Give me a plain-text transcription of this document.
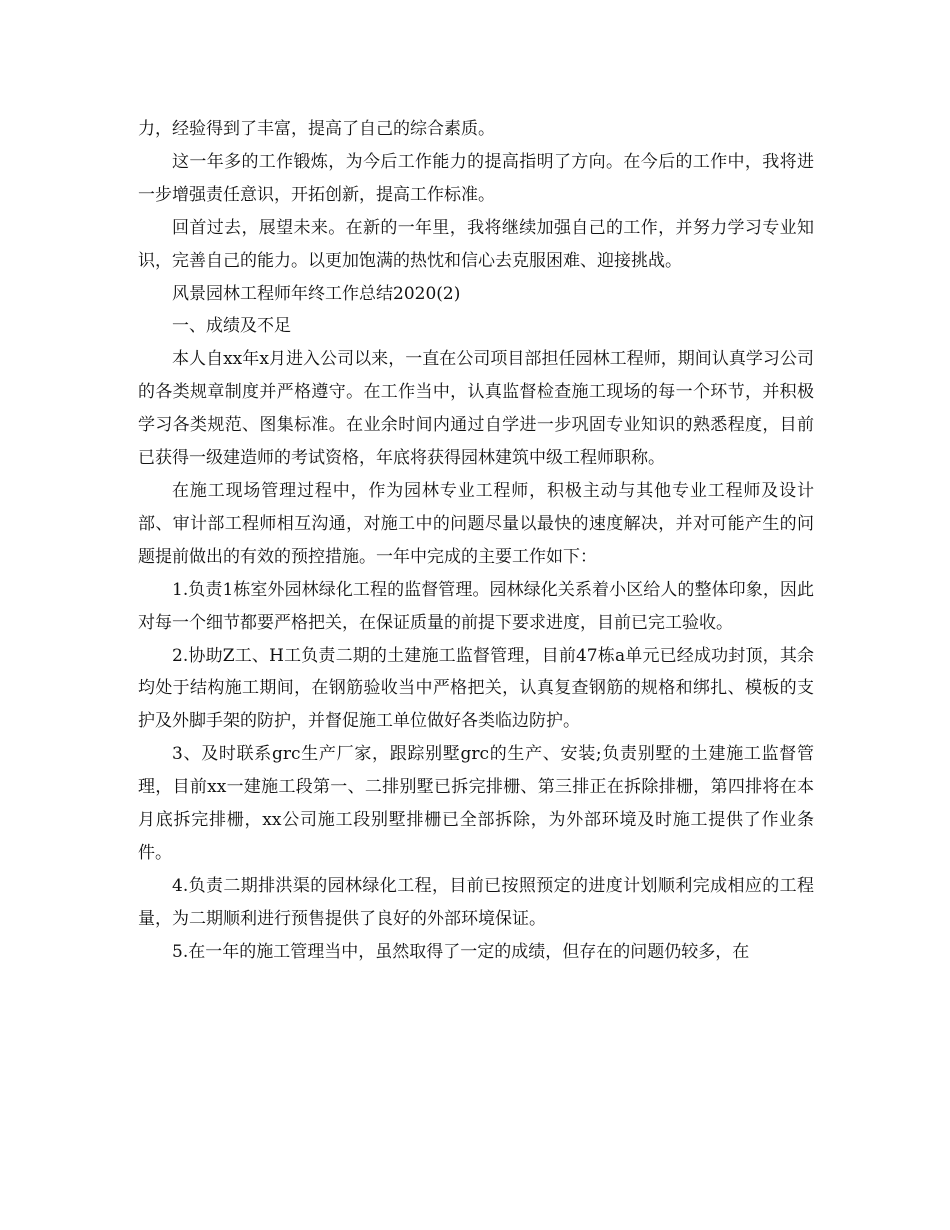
力，经验得到了丰富，提高了自己的综合素质。

这一年多的工作锻炼，为今后工作能力的提高指明了方向。在今后的工作中，我将进一步增强责任意识，开拓创新，提高工作标准。

回首过去，展望未来。在新的一年里，我将继续加强自己的工作，并努力学习专业知识，完善自己的能力。以更加饱满的热忱和信心去克服困难、迎接挑战。

风景园林工程师年终工作总结2020(2)

一、成绩及不足

本人自xx年x月进入公司以来，一直在公司项目部担任园林工程师，期间认真学习公司的各类规章制度并严格遵守。在工作当中，认真监督检查施工现场的每一个环节，并积极学习各类规范、图集标准。在业余时间内通过自学进一步巩固专业知识的熟悉程度，目前已获得一级建造师的考试资格，年底将获得园林建筑中级工程师职称。

在施工现场管理过程中，作为园林专业工程师，积极主动与其他专业工程师及设计部、审计部工程师相互沟通，对施工中的问题尽量以最快的速度解决，并对可能产生的问题提前做出的有效的预控措施。一年中完成的主要工作如下：

1.负责1栋室外园林绿化工程的监督管理。园林绿化关系着小区给人的整体印象，因此对每一个细节都要严格把关，在保证质量的前提下要求进度，目前已完工验收。

2.协助Z工、H工负责二期的土建施工监督管理，目前47栋a单元已经成功封顶，其余均处于结构施工期间，在钢筋验收当中严格把关，认真复查钢筋的规格和绑扎、模板的支护及外脚手架的防护，并督促施工单位做好各类临边防护。

3、及时联系grc生产厂家，跟踪别墅grc的生产、安装;负责别墅的土建施工监督管理，目前xx一建施工段第一、二排别墅已拆完排栅、第三排正在拆除排栅，第四排将在本月底拆完排栅，xx公司施工段别墅排栅已全部拆除，为外部环境及时施工提供了作业条件。

4.负责二期排洪渠的园林绿化工程，目前已按照预定的进度计划顺利完成相应的工程量，为二期顺利进行预售提供了良好的外部环境保证。

5.在一年的施工管理当中，虽然取得了一定的成绩，但存在的问题仍较多，在
